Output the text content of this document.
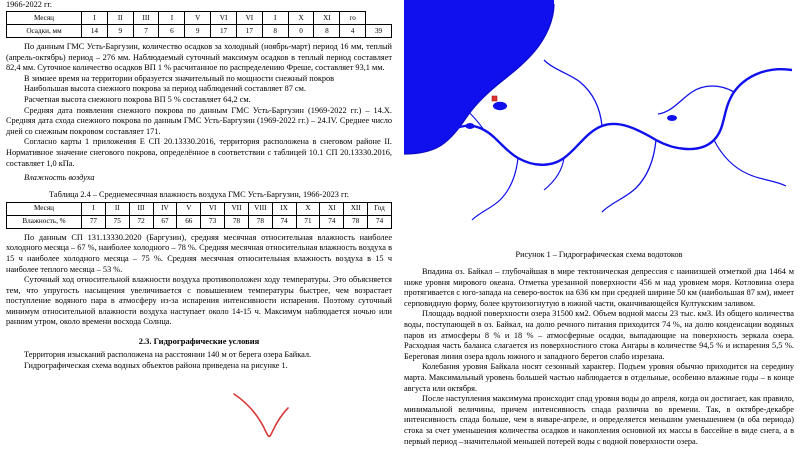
1966-2022 гг.
Месяц	I	II	III	I	V	VI	VI	I	X	XI	го	
Осадки, мм	14	9	7	6	9	17	17	8	0	8	4	39

По данным ГМС Усть-Баргузин, количество осадков за холодный (ноябрь-март) период 16 мм, теплый (апрель-октябрь) период – 276 мм. Наблюдаемый суточный максимум осадков в теплый период составляет 82,4 мм. Суточное количество осадков ВП 1 % расчитанное по распределению Фреше, составляет 93,1 мм.

В зимнее время на территории образуется значительный по мощности снежный покров

Наибольшая высота снежного покрова за период наблюдений составляет 87 см.

Расчетная высота снежного покрова ВП 5 % составляет 64,2 см.

Средняя дата появления снежного покрова по данным ГМС Усть-Баргузин (1969-2022 гг.) – 14.X. Средняя дата схода снежного покрова по данным ГМС Усть-Баргузин (1969-2022 гг.) – 24.IV. Среднее число дней со снежным покровом составляет 171.

Согласно карты 1 приложения Е СП 20.13330.2016, территория расположена в снеговом районе II. Нормативное значение снегового покрова, определённое в соответствии с таблицей 10.1 СП 20.13330.2016, составляет 1,0 кПа.

Влажность воздуха

Таблица 2.4 – Среднемесячная влажность воздуха ГМС Усть-Баргузин, 1966-2023 гг.

Месяц	I	II	III	IV	V	VI	VII	VIII	IX	X	XI	XII	Год
Влажность, %	77	75	72	67	66	73	78	78	74	71	74	78	74

По данным СП 131.13330.2020 (Баргузин), средняя месячная относительная влажность наиболее холодного месяца – 67 %, наиболее холодного – 78 %. Средняя месячная относительная влажность воздуха в 15 ч наиболее холодного месяца – 75 %. Средняя месячная относительная влажность воздуха в 15 ч наиболее теплого месяца – 53 %.

Суточный ход относительной влажности воздуха противоположен ходу температуры. Это объясняется тем, что упругость насыщения увеличивается с повышением температуры быстрее, чем возрастает поступление водяного пара в атмосферу из-за испарения интенсивности испарения. Поэтому суточный минимум относительной влажности воздуха наступает около 14-15 ч. Максимум наблюдается ночью или ранним утром, около времени восхода Солнца.

2.3. Гидрографические условия

Территория изысканий расположена на расстоянии 140 м от берега озера Байкал.

Гидрографическая схема водных объектов района приведена на рисунке 1.

Рисунок 1 – Гидрографическая схема водотоков

Впадина оз. Байкал – глубочайшая в мире тектоническая депрессия с наинизшей отметкой дна 1464 м ниже уровня мирового океана. Отметка урезанной поверхности 456 м над уровнем моря. Котловина озера протягивается с юго-запада на северо-восток на 636 км при средней ширине 50 км (наибольшая 87 км), имеет серповидную форму, более крутоизогнутую в южной части, оканчивающейся Култукским заливом.

Площадь водной поверхности озера 31500 км2. Объем водной массы 23 тыс. км3. Из общего количества воды, поступающей в оз. Байкал, на долю речного питания приходится 74 %, на долю конденсации водяных паров из атмосферы 8 % и 18 % – атмосферные осадки, выпадающие на поверхность зеркала озера. Расходная часть баланса слагается из поверхностного стока Ангары в количестве 94,5 % и испарения 5,5 %. Береговая линия озера вдоль южного и западного берегов слабо изрезана.

Колебания уровня Байкала носят сезонный характер. Подъем уровня обычно приходится на середину марта. Максимальный уровень большей частью наблюдается в отдельные, особенно влажные годы – в конце августа или октября.

После наступления максимума происходит спад уровня воды до апреля, когда он достигает, как правило, минимальной величины, причем интенсивность спада различна во времени. Так, в октябре-декабре интенсивность спада больше, чем в январе-апреле, и определяется меньшим уменьшением (в оба периода) стока за счет уменьшения количества осадков и накопления основной их массы в бассейне в виде снега, а в первый период –значительной меньшей потерей воды с водной поверхности озера.
